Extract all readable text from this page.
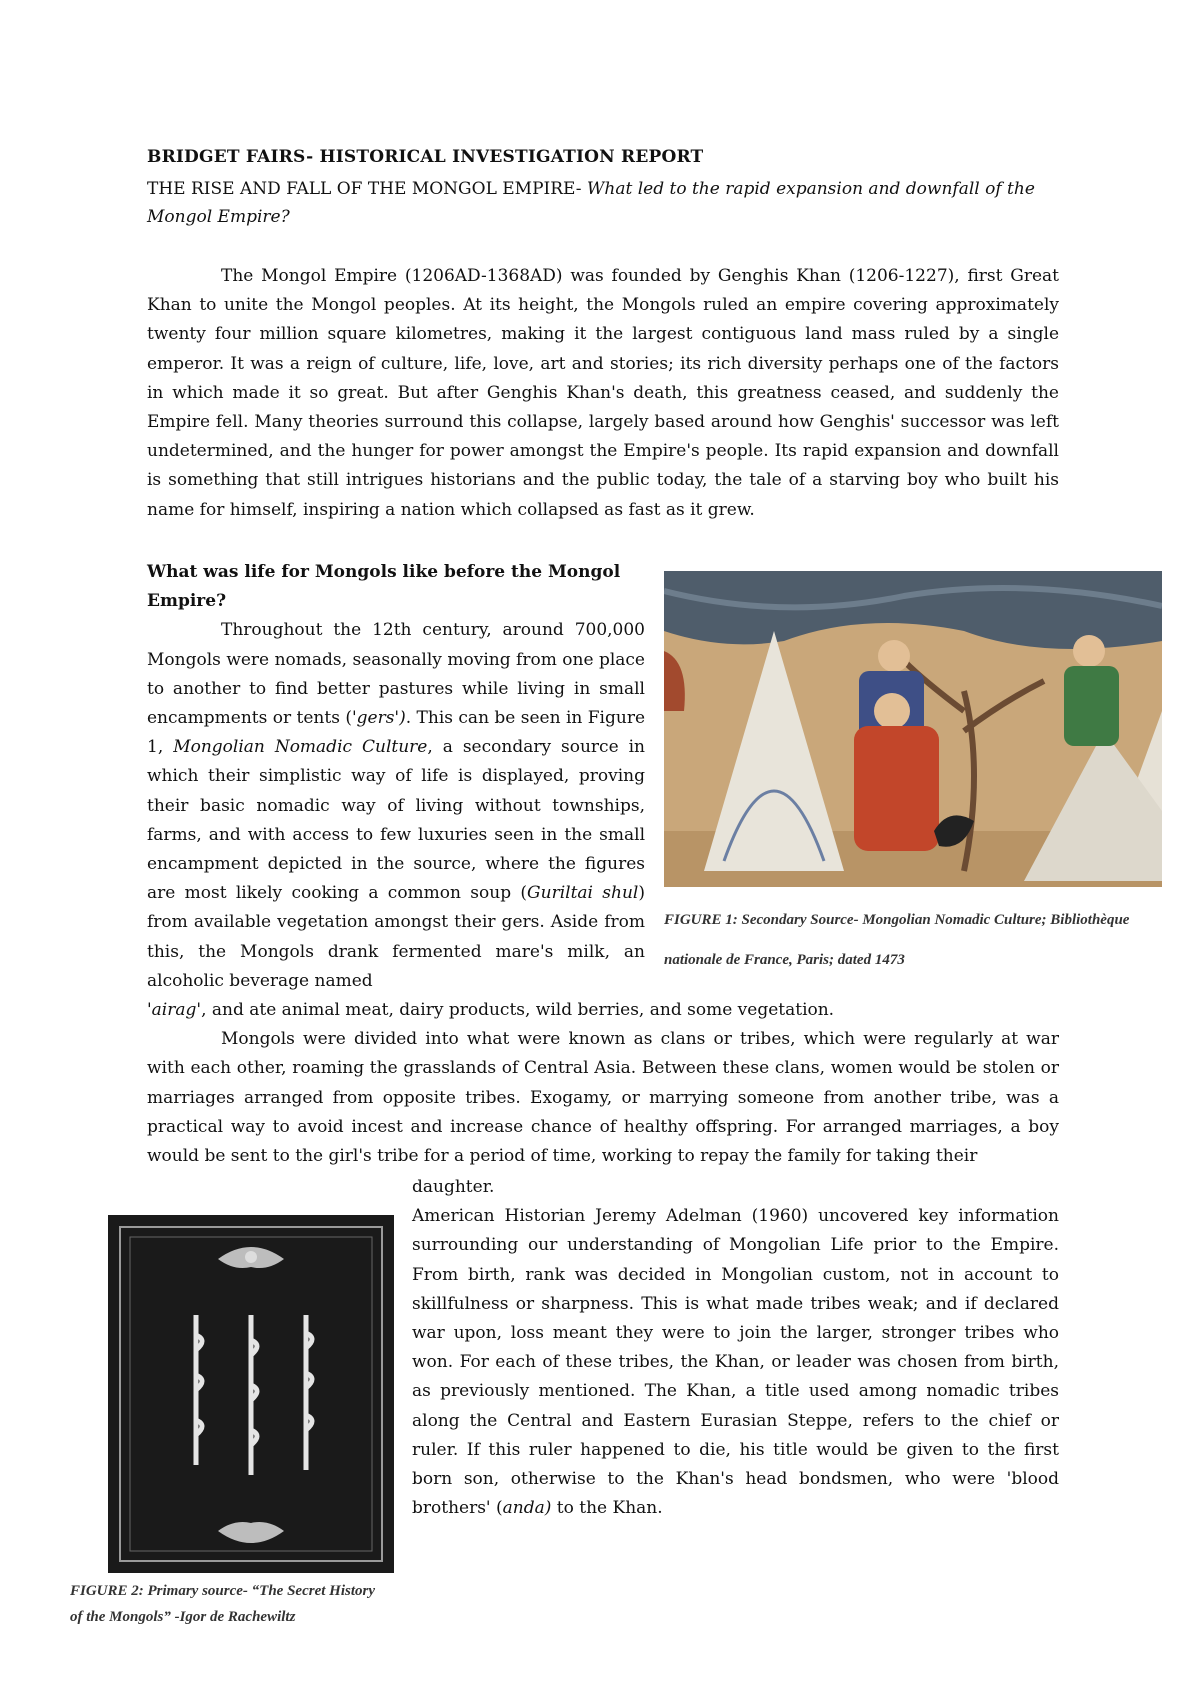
BRIDGET FAIRS- HISTORICAL INVESTIGATION REPORT
THE RISE AND FALL OF THE MONGOL EMPIRE- What led to the rapid expansion and downfall of the Mongol Empire?

The Mongol Empire (1206AD-1368AD) was founded by Genghis Khan (1206-1227), first Great Khan to unite the Mongol peoples. At its height, the Mongols ruled an empire covering approximately twenty four million square kilometres, making it the largest contiguous land mass ruled by a single emperor. It was a reign of culture, life, love, art and stories; its rich diversity perhaps one of the factors in which made it so great. But after Genghis Khan's death, this greatness ceased, and suddenly the Empire fell. Many theories surround this collapse, largely based around how Genghis' successor was left undetermined, and the hunger for power amongst the Empire's people. Its rapid expansion and downfall is something that still intrigues historians and the public today, the tale of a starving boy who built his name for himself, inspiring a nation which collapsed as fast as it grew.

What was life for Mongols like before the Mongol Empire?

Throughout the 12th century, around 700,000 Mongols were nomads, seasonally moving from one place to another to find better pastures while living in small encampments or tents ('gers'). This can be seen in Figure 1, Mongolian Nomadic Culture, a secondary source in which their simplistic way of life is displayed, proving their basic nomadic way of living without townships, farms, and with access to few luxuries seen in the small encampment depicted in the source, where the figures are most likely cooking a common soup (Guriltai shul) from available vegetation amongst their gers. Aside from this, the Mongols drank fermented mare's milk, an alcoholic beverage named

'airag', and ate animal meat, dairy products, wild berries, and some vegetation.

Mongols were divided into what were known as clans or tribes, which were regularly at war with each other, roaming the grasslands of Central Asia. Between these clans, women would be stolen or marriages arranged from opposite tribes. Exogamy, or marrying someone from another tribe, was a practical way to avoid incest and increase chance of healthy offspring. For arranged marriages, a boy would be sent to the girl's tribe for a period of time, working to repay the family for taking their

daughter.

American Historian Jeremy Adelman (1960) uncovered key information surrounding our understanding of Mongolian Life prior to the Empire. From birth, rank was decided in Mongolian custom, not in account to skillfulness or sharpness. This is what made tribes weak; and if declared war upon, loss meant they were to join the larger, stronger tribes who won. For each of these tribes, the Khan, or leader was chosen from birth, as previously mentioned. The Khan, a title used among nomadic tribes along the Central and Eastern Eurasian Steppe, refers to the chief or ruler. If this ruler happened to die, his title would be given to the first born son, otherwise to the Khan's head bondsmen, who were 'blood brothers' (anda) to the Khan.

FIGURE 1: Secondary Source- Mongolian Nomadic Culture; Bibliothèque
nationale de France, Paris; dated 1473
FIGURE 2: Primary source- “The Secret History
of the Mongols” -Igor de Rachewiltz
